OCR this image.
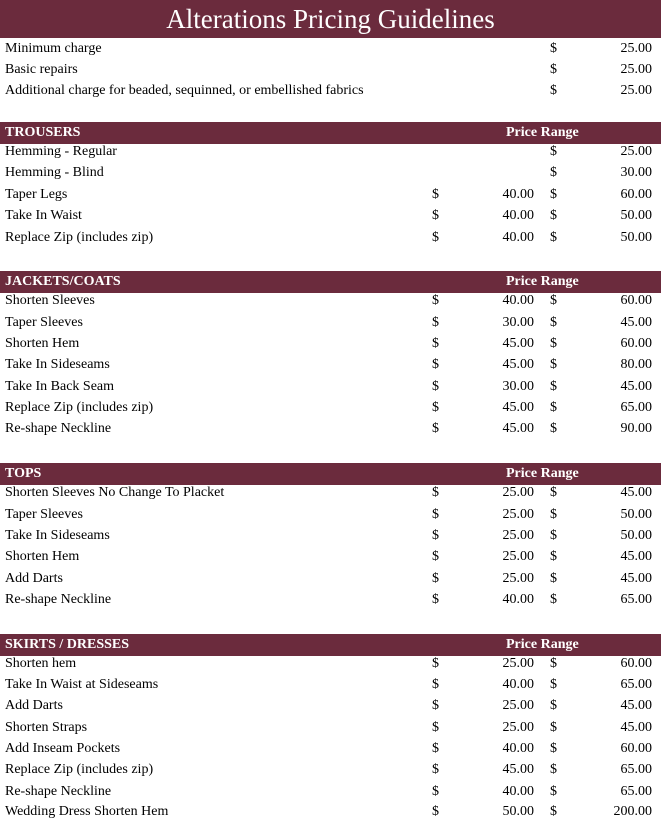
Alterations Pricing Guidelines
Minimum charge	$	25.00
Basic repairs	$	25.00
Additional charge for beaded, sequinned, or embellished fabrics	$	25.00
TROUSERS	Price Range
Hemming - Regular	$	25.00
Hemming - Blind	$	30.00
Taper Legs	$	40.00 $	60.00
Take In Waist	$	40.00 $	50.00
Replace Zip (includes zip)	$	40.00 $	50.00
JACKETS/COATS	Price Range
Shorten Sleeves	$	40.00 $	60.00
Taper Sleeves	$	30.00 $	45.00
Shorten Hem	$	45.00 $	60.00
Take In Sideseams	$	45.00 $	80.00
Take In Back Seam	$	30.00 $	45.00
Replace Zip (includes zip)	$	45.00 $	65.00
Re-shape Neckline	$	45.00 $	90.00
TOPS	Price Range
Shorten Sleeves No Change To Placket	$	25.00 $	45.00
Taper Sleeves	$	25.00 $	50.00
Take In Sideseams	$	25.00 $	50.00
Shorten Hem	$	25.00 $	45.00
Add Darts	$	25.00 $	45.00
Re-shape Neckline	$	40.00 $	65.00
SKIRTS / DRESSES	Price Range
Shorten hem	$	25.00 $	60.00
Take In Waist at Sideseams	$	40.00 $	65.00
Add Darts	$	25.00 $	45.00
Shorten Straps	$	25.00 $	45.00
Add Inseam Pockets	$	40.00 $	60.00
Replace Zip (includes zip)	$	45.00 $	65.00
Re-shape Neckline	$	40.00 $	65.00
Wedding Dress Shorten Hem	$	50.00 $	200.00
